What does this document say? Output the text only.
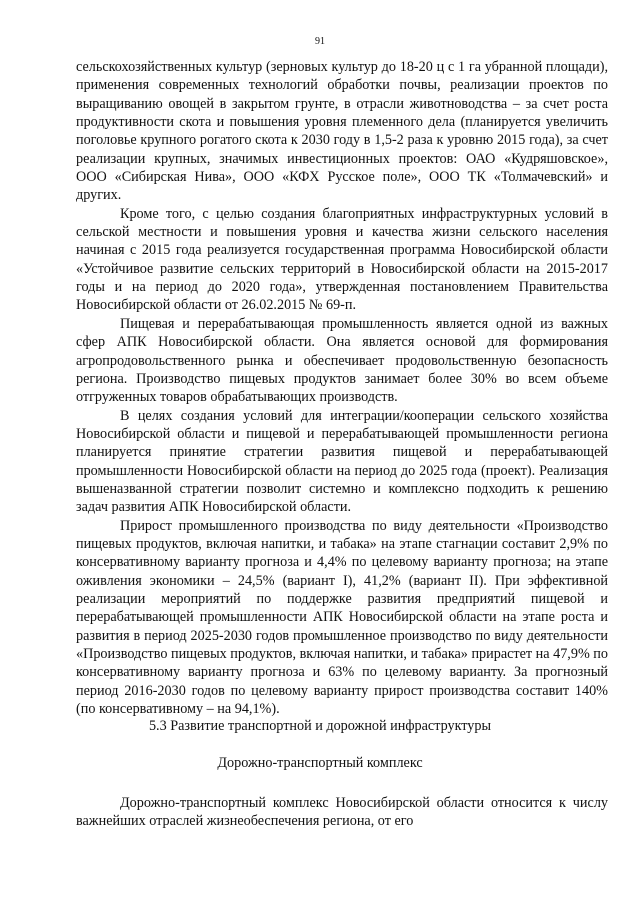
91

сельскохозяйственных культур (зерновых культур до 18-20 ц с 1 га убранной площади), применения современных технологий обработки почвы, реализации проектов по выращиванию овощей в закрытом грунте, в отрасли животноводства – за счет роста продуктивности скота и повышения уровня племенного дела (планируется увеличить поголовье крупного рогатого скота к 2030 году в 1,5-2 раза к уровню 2015 года), за счет реализации крупных, значимых инвестиционных проектов: ОАО «Кудряшовское», ООО «Сибирская Нива», ООО «КФХ Русское поле», ООО ТК «Толмачевский» и других.

Кроме того, с целью создания благоприятных инфраструктурных условий в сельской местности и повышения уровня и качества жизни сельского населения начиная с 2015 года реализуется государственная программа Новосибирской области «Устойчивое развитие сельских территорий в Новосибирской области на 2015-2017 годы и на период до 2020 года», утвержденная постановлением Правительства Новосибирской области от 26.02.2015 № 69-п.

Пищевая и перерабатывающая промышленность является одной из важных сфер АПК Новосибирской области. Она является основой для формирования агропродовольственного рынка и обеспечивает продовольственную безопасность региона. Производство пищевых продуктов занимает более 30% во всем объеме отгруженных товаров обрабатывающих производств.

В целях создания условий для интеграции/кооперации сельского хозяйства Новосибирской области и пищевой и перерабатывающей промышленности региона планируется принятие стратегии развития пищевой и перерабатывающей промышленности Новосибирской области на период до 2025 года (проект). Реализация вышеназванной стратегии позволит системно и комплексно подходить к решению задач развития АПК Новосибирской области.

Прирост промышленного производства по виду деятельности «Производство пищевых продуктов, включая напитки, и табака» на этапе стагнации составит 2,9% по консервативному варианту прогноза и 4,4% по целевому варианту прогноза; на этапе оживления экономики – 24,5% (вариант I), 41,2% (вариант II). При эффективной реализации мероприятий по поддержке развития предприятий пищевой и перерабатывающей промышленности АПК Новосибирской области на этапе роста и развития в период 2025-2030 годов промышленное производство по виду деятельности «Производство пищевых продуктов, включая напитки, и табака» прирастет на 47,9% по консервативному варианту прогноза и 63% по целевому варианту. За прогнозный период 2016-2030 годов по целевому варианту прирост производства составит 140% (по консервативному – на 94,1%).

5.3 Развитие транспортной и дорожной инфраструктуры
Дорожно-транспортный комплекс

Дорожно-транспортный комплекс Новосибирской области относится к числу важнейших отраслей жизнеобеспечения региона, от его
